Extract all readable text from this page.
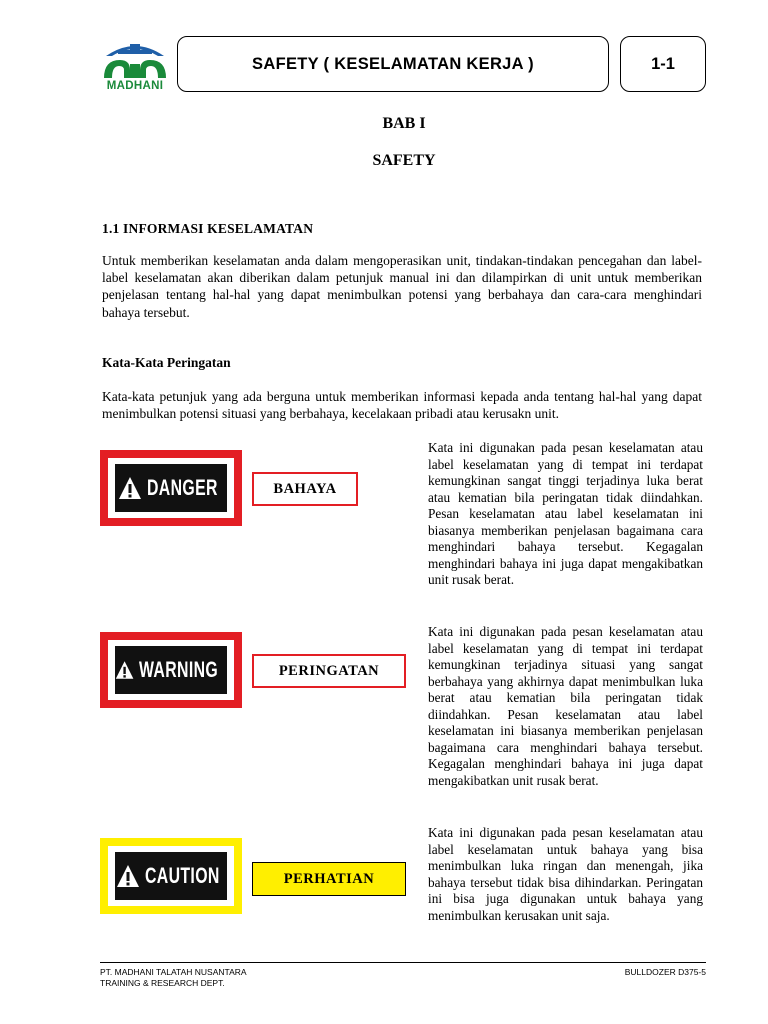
MADHANI
SAFETY ( KESELAMATAN KERJA )	1-1
BAB I
SAFETY
1.1 INFORMASI KESELAMATAN
Untuk memberikan keselamatan anda dalam mengoperasikan unit, tindakan-tindakan pencegahan dan label-label keselamatan akan diberikan dalam petunjuk manual ini dan dilampirkan di unit untuk memberikan penjelasan tentang hal-hal yang dapat menimbulkan potensi yang berbahaya dan cara-cara menghindari bahaya tersebut.
Kata-Kata Peringatan
Kata-kata petunjuk yang ada berguna untuk memberikan informasi kepada anda tentang hal-hal yang dapat menimbulkan potensi situasi yang berbahaya, kecelakaan pribadi atau kerusakn unit.
DANGER	BAHAYA
Kata ini digunakan pada pesan keselamatan atau label keselamatan yang di tempat ini terdapat kemungkinan sangat tinggi terjadinya luka berat atau kematian bila peringatan tidak diindahkan. Pesan keselamatan atau label keselamatan ini biasanya memberikan penjelasan bagaimana cara menghindari bahaya tersebut. Kegagalan menghindari bahaya ini juga dapat mengakibatkan unit rusak berat.
WARNING	PERINGATAN
Kata ini digunakan pada pesan keselamatan atau label keselamatan yang di tempat ini terdapat kemungkinan terjadinya situasi yang sangat berbahaya yang akhirnya dapat menimbulkan luka berat atau kematian bila peringatan tidak diindahkan. Pesan keselamatan atau label keselamatan ini biasanya memberikan penjelasan bagaimana cara menghindari bahaya tersebut. Kegagalan menghindari bahaya ini juga dapat mengakibatkan unit rusak berat.
CAUTION	PERHATIAN
Kata ini digunakan pada pesan keselamatan atau label keselamatan untuk bahaya yang bisa menimbulkan luka ringan dan menengah, jika bahaya tersebut tidak bisa dihindarkan. Peringatan ini bisa juga digunakan untuk bahaya yang menimbulkan kerusakan unit saja.
PT. MADHANI TALATAH NUSANTARA
TRAINING & RESEARCH DEPT.
BULLDOZER D375-5
